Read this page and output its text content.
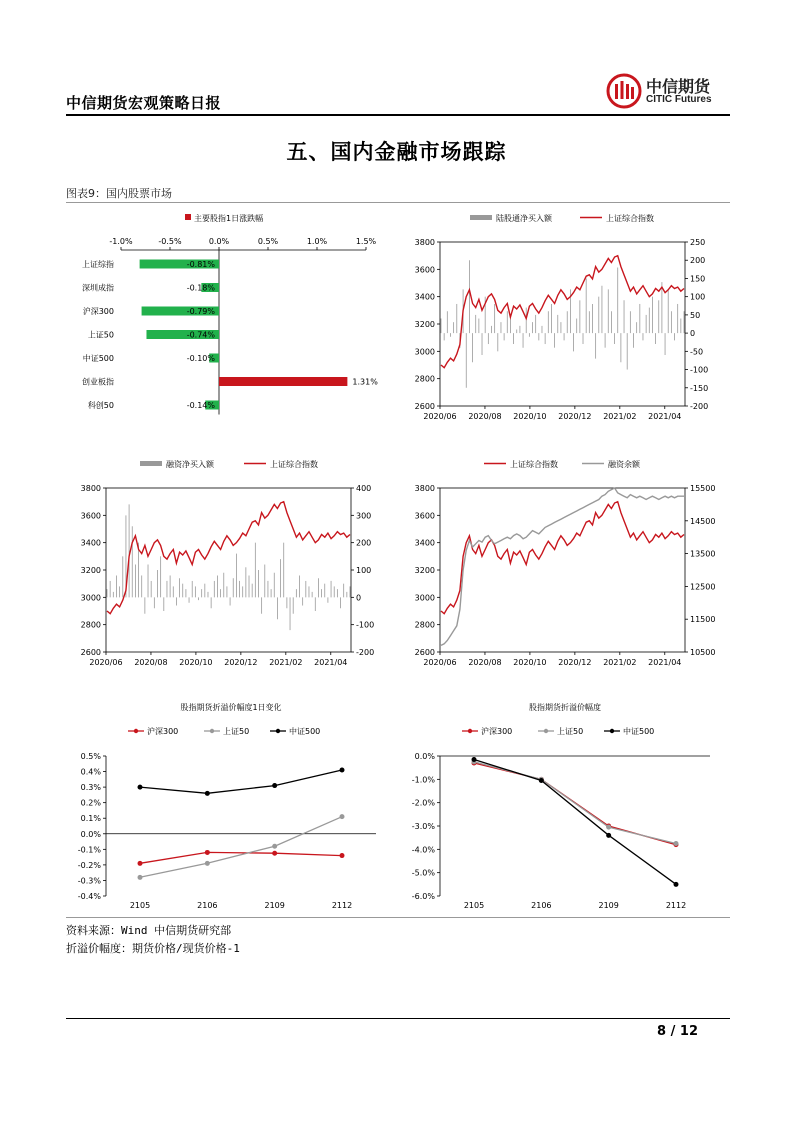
中信期货宏观策略日报
中信期货
CITIC Futures
五、国内金融市场跟踪
图表9：国内股票市场
主要股指1日涨跌幅
-1.0%	-0.5%	0.0%	0.5%	1.0%	1.5%
上证综指	-0.81%
深圳成指	-0.18%
沪深300	-0.79%
上证50	-0.74%
中证500	-0.10%
创业板指	1.31%
科创50	-0.14%
陆股通净买入额	上证综合指数
2600
2800
3000
3200
3400
3600
3800
-200
-150
-100
-50
0
50
100
150
200
250
2020/06 2020/08 2020/10 2020/12 2021/02 2021/04
融资净买入额	上证综合指数
2600
2800
3000
3200
3400
3600
3800
-200
-100
0
100
200
300
400
2020/06 2020/08 2020/10 2020/12 2021/02 2021/04
上证综合指数	融资余额
2600
2800
3000
3200
3400
3600
3800
10500
11500
12500
13500
14500
15500
2020/06 2020/08 2020/10 2020/12 2021/02 2021/04
股指期货折溢价幅度1日变化
沪深300	上证50	中证500
0.5%
0.4%
0.3%
0.2%
0.1%
0.0%
-0.1%
-0.2%
-0.3%
-0.4%
2105	2106	2109	2112
股指期货折溢价幅度
沪深300	上证50	中证500
0.0%
-1.0%
-2.0%
-3.0%
-4.0%
-5.0%
-6.0%
2105	2106	2109	2112
资料来源：Wind 中信期货研究部
折溢价幅度：期货价格/现货价格-1
8 / 12
